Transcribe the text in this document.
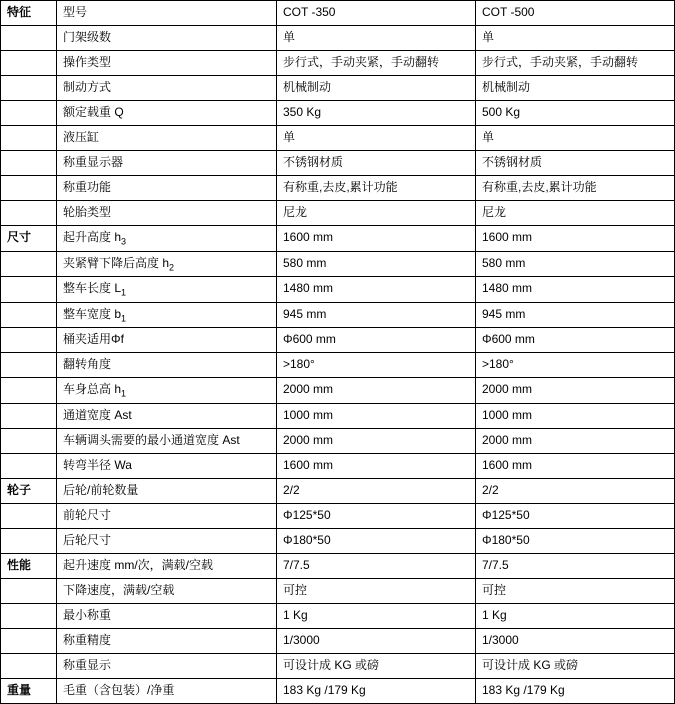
特征	型号	COT -350	COT -500
	门架级数	单	单
	操作类型	步行式，手动夹紧，手动翻转	步行式，手动夹紧，手动翻转
	制动方式	机械制动	机械制动
	额定载重 Q	350 Kg	500 Kg
	液压缸	单	单
	称重显示器	不锈钢材质	不锈钢材质
	称重功能	有称重,去皮,累计功能	有称重,去皮,累计功能
	轮胎类型	尼龙	尼龙
尺寸	起升高度 $h_3$	1600 mm	1600 mm
	夹紧臂下降后高度 $h_2$	580 mm	580 mm
	整车长度 $L_1$	1480 mm	1480 mm
	整车宽度 $b_1$	945 mm	945 mm
	桶夹适用Φf	Φ600 mm	Φ600 mm
	翻转角度	>180°	>180°
	车身总高 $h_1$	2000 mm	2000 mm
	通道宽度 Ast	1000 mm	1000 mm
	车辆调头需要的最小通道宽度 Ast	2000 mm	2000 mm
	转弯半径 Wa	1600 mm	1600 mm
轮子	后轮/前轮数量	2/2	2/2
	前轮尺寸	Φ125*50	Φ125*50
	后轮尺寸	Φ180*50	Φ180*50
性能	起升速度 mm/次，满载/空载	7/7.5	7/7.5
	下降速度，满载/空载	可控	可控
	最小称重	1 Kg	1 Kg
	称重精度	1/3000	1/3000
	称重显示	可设计成 KG 或磅	可设计成 KG 或磅
重量	毛重（含包装）/净重	183 Kg /179 Kg	183 Kg /179 Kg
